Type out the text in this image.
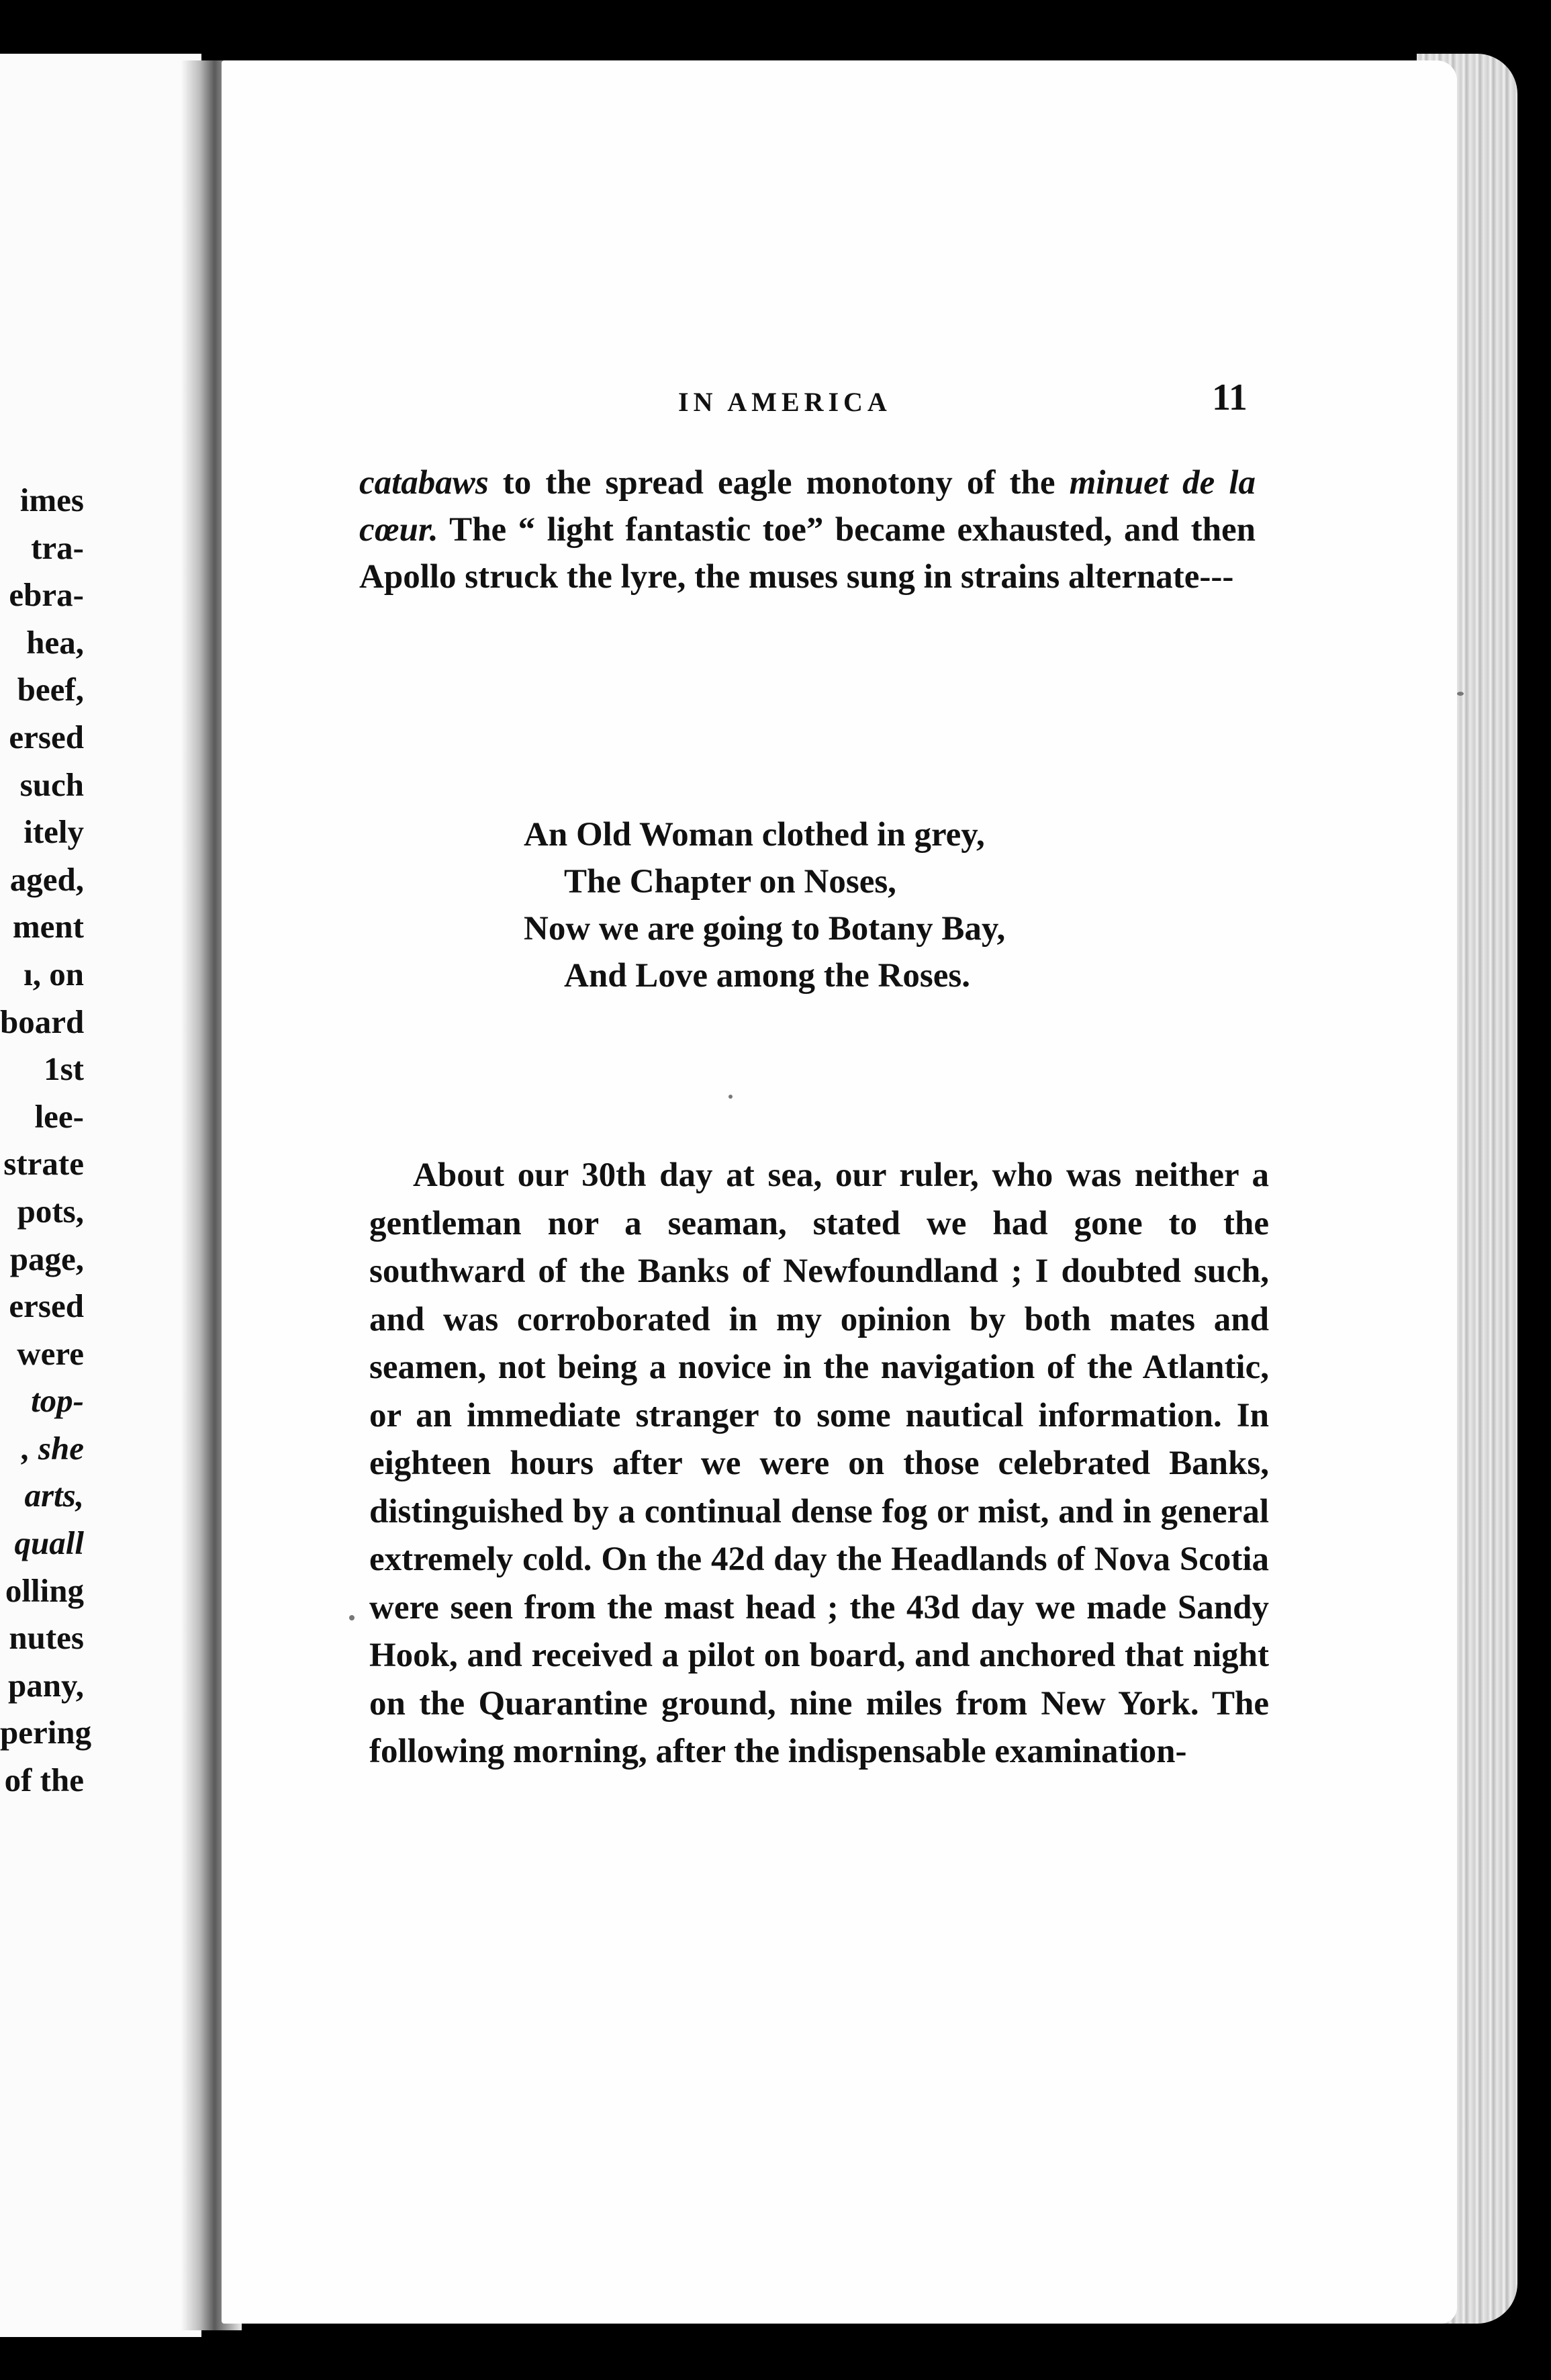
imes
tra-
ebra-
hea,
beef,
ersed
such
itely
aged,
ment
ı, on
board
1st
lee-
strate
pots,
page,
ersed
were
top-
, she
arts,
quall
olling
nutes
pany,
pering
of the
IN AMERICA	11
catabaws to the spread eagle monotony of the minuet de la cœur. The “ light fantastic toe” became exhausted, and then Apollo struck the lyre, the muses sung in strains alternate---
An Old Woman clothed in grey,
The Chapter on Noses,
Now we are going to Botany Bay,
And Love among the Roses.
About our 30th day at sea, our ruler, who was neither a gentleman nor a seaman, stated we had gone to the southward of the Banks of Newfoundland ; I doubted such, and was corroborated in my opinion by both mates and seamen, not being a novice in the navigation of the Atlantic, or an immediate stranger to some nautical information. In eighteen hours after we were on those celebrated Banks, distinguished by a continual dense fog or mist, and in general extremely cold. On the 42d day the Headlands of Nova Scotia were seen from the mast head ; the 43d day we made Sandy Hook, and received a pilot on board, and anchored that night on the Quarantine ground, nine miles from New York. The following morning, after the indispensable examination-
